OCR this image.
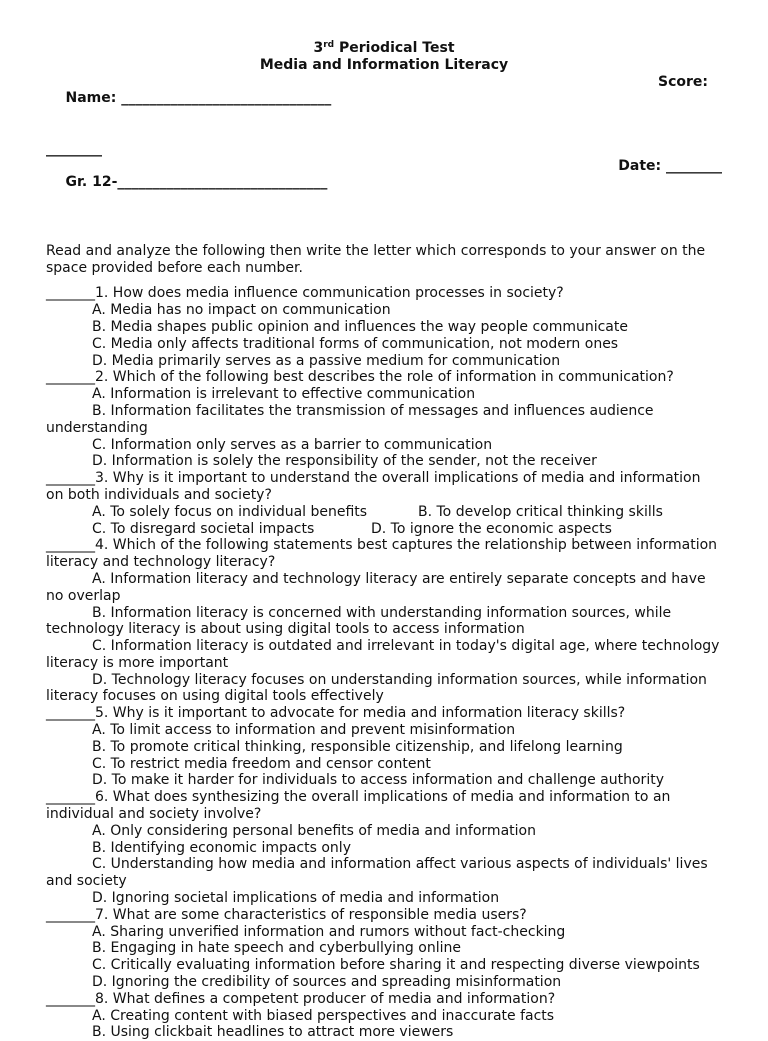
3rd Periodical Test

Media and Information Literacy

Name: ______________________________

Score:

________

Gr. 12-______________________________

Date: ________

Read and analyze the following then write the letter which corresponds to your answer on the space provided before each number.

_______1. How does media influence communication processes in society?

A. Media has no impact on communication

B. Media shapes public opinion and influences the way people communicate

C. Media only affects traditional forms of communication, not modern ones

D. Media primarily serves as a passive medium for communication

_______2. Which of the following best describes the role of information in communication?

A. Information is irrelevant to effective communication

B. Information facilitates the transmission of messages and influences audience understanding

C. Information only serves as a barrier to communication

D. Information is solely the responsibility of the sender, not the receiver

_______3. Why is it important to understand the overall implications of media and information on both individuals and society?

A. To solely focus on individual benefits

	B. To develop critical thinking skills

C. To disregard societal impacts

	D. To ignore the economic aspects

_______4. Which of the following statements best captures the relationship between information literacy and technology literacy?

A. Information literacy and technology literacy are entirely separate concepts and have no overlap

B. Information literacy is concerned with understanding information sources, while technology literacy is about using digital tools to access information

C. Information literacy is outdated and irrelevant in today's digital age, where technology literacy is more important

D. Technology literacy focuses on understanding information sources, while information literacy focuses on using digital tools effectively

_______5. Why is it important to advocate for media and information literacy skills?

A. To limit access to information and prevent misinformation

B. To promote critical thinking, responsible citizenship, and lifelong learning

C. To restrict media freedom and censor content

D. To make it harder for individuals to access information and challenge authority

_______6. What does synthesizing the overall implications of media and information to an individual and society involve?

A. Only considering personal benefits of media and information

B. Identifying economic impacts only

C. Understanding how media and information affect various aspects of individuals' lives and society

D. Ignoring societal implications of media and information

_______7. What are some characteristics of responsible media users?

A. Sharing unverified information and rumors without fact-checking

B. Engaging in hate speech and cyberbullying online

C. Critically evaluating information before sharing it and respecting diverse viewpoints

D. Ignoring the credibility of sources and spreading misinformation

_______8. What defines a competent producer of media and information?

A. Creating content with biased perspectives and inaccurate facts

B. Using clickbait headlines to attract more viewers
